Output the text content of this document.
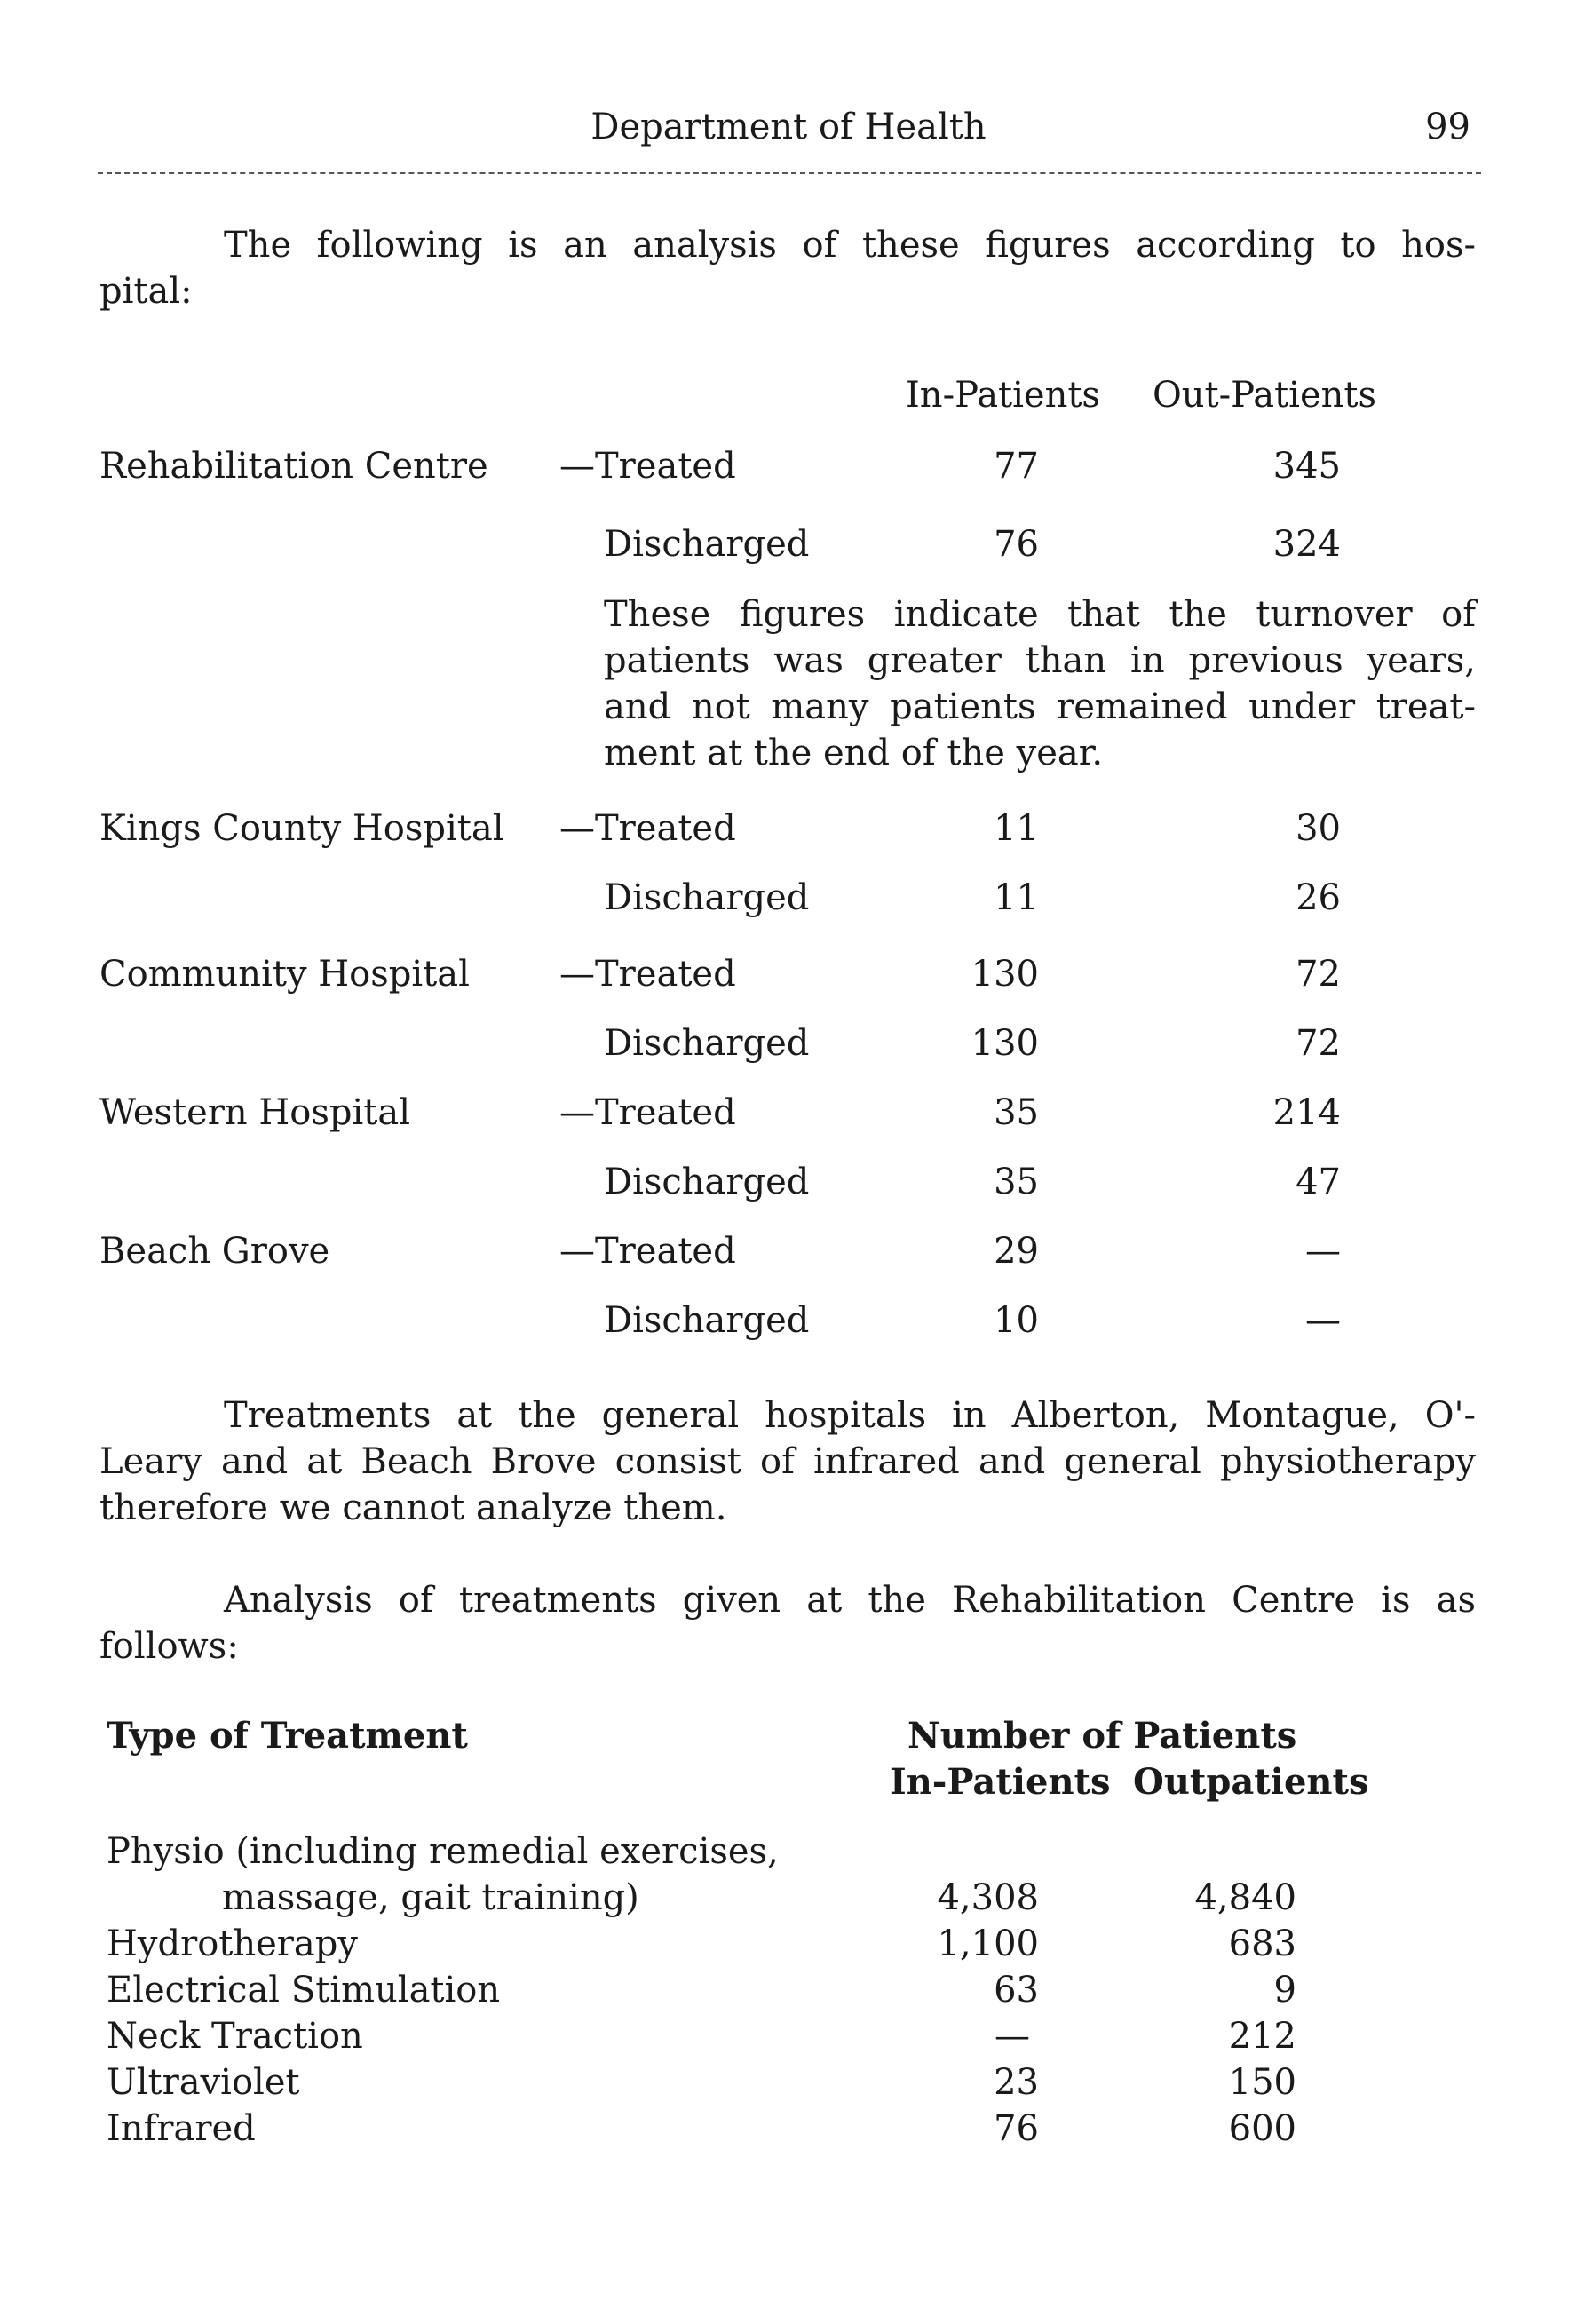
Department of Health	99
The following is an analysis of these figures according to hos-
pital:
In-Patients Out-Patients
Rehabilitation Centre —Treated	77	345
Discharged	76	324
These figures indicate that the turnover of
patients was greater than in previous years,
and not many patients remained under treat-
ment at the end of the year.
Kings County Hospital —Treated	11	30
Discharged	11	26
Community Hospital	—Treated	130	72
Discharged	130	72
Western Hospital	—Treated	35	214
Discharged	35	47
Beach Grove	—Treated	29	—
Discharged	10	—
Treatments at the general hospitals in Alberton, Montague, O'-
Leary and at Beach Brove consist of infrared and general physiotherapy
therefore we cannot analyze them.
Analysis of treatments given at the Rehabilitation Centre is as
follows:
Type of Treatment	Number of Patients
In-Patients Outpatients
Physio (including remedial exercises,
massage, gait training)	4,308	4,840
Hydrotherapy	1,100	683
Electrical Stimulation	63	9
Neck Traction	—	212
Ultraviolet	23	150
Infrared	76	600
